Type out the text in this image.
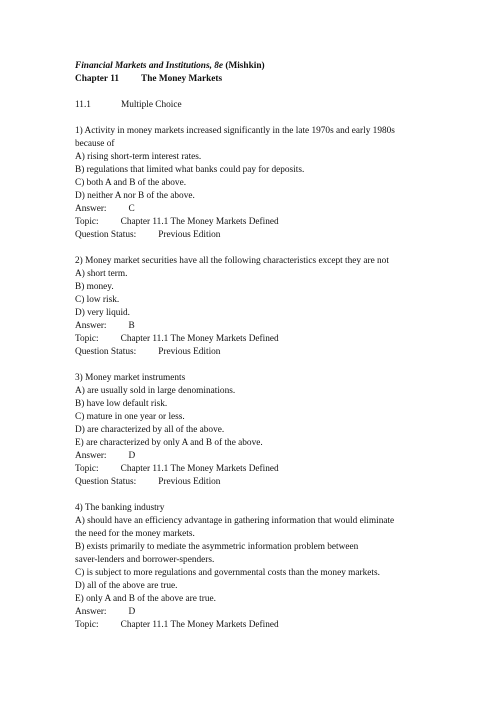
Financial Markets and Institutions, 8e (Mishkin)
Chapter 11 The Money Markets
11.1	Multiple Choice
1) Activity in money markets increased significantly in the late 1970s and early 1980s
because of
A) rising short-term interest rates.
B) regulations that limited what banks could pay for deposits.
C) both A and B of the above.
D) neither A nor B of the above.
Answer: C
Topic: Chapter 11.1 The Money Markets Defined
Question Status: Previous Edition
2) Money market securities have all the following characteristics except they are not
A) short term.
B) money.
C) low risk.
D) very liquid.
Answer: B
Topic: Chapter 11.1 The Money Markets Defined
Question Status: Previous Edition
3) Money market instruments
A) are usually sold in large denominations.
B) have low default risk.
C) mature in one year or less.
D) are characterized by all of the above.
E) are characterized by only A and B of the above.
Answer: D
Topic: Chapter 11.1 The Money Markets Defined
Question Status: Previous Edition
4) The banking industry
A) should have an efficiency advantage in gathering information that would eliminate
the need for the money markets.
B) exists primarily to mediate the asymmetric information problem between
saver-lenders and borrower-spenders.
C) is subject to more regulations and governmental costs than the money markets.
D) all of the above are true.
E) only A and B of the above are true.
Answer: D
Topic: Chapter 11.1 The Money Markets Defined
